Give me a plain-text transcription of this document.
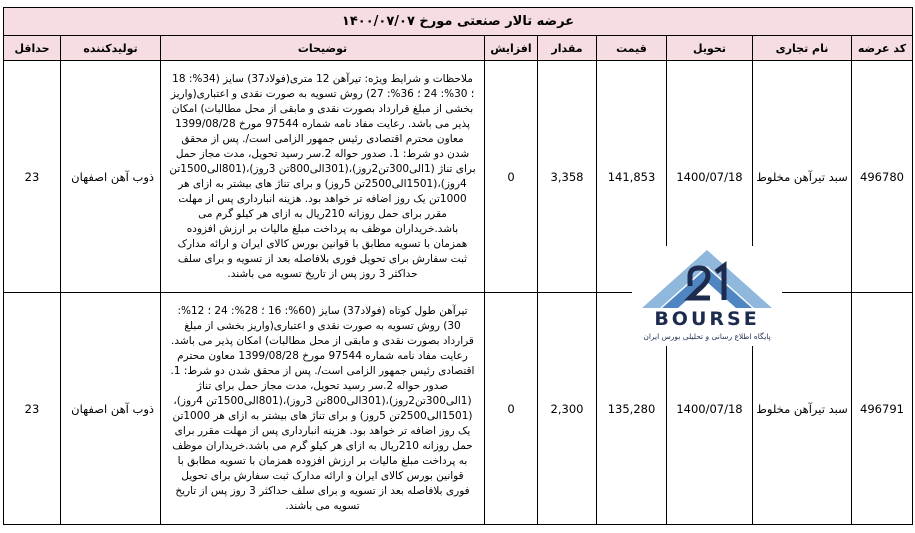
عرضه تالار صنعتی مورخ ۱۴۰۰/۰۷/۰۷								
کد عرضه	نام تجاری	تحویل	قیمت	مقدار	افزایش	توضیحات	تولیدکننده	حداقل
496780	سبد تیرآهن مخلوط	1400/07/18	141,853	3,358	0	ملاحظات و شرایط ویژه: تیرآهن 12 متری(فولاد37) سایز (34%: 18 ؛ 30%: 24 ؛ 36%: 27) روش تسویه به صورت نقدی و اعتباری(واریز بخشی از مبلغ قرارداد بصورت نقدی و مابقی از محل مطالبات) امکان پذیر می باشد. رعایت مفاد نامه شماره 97544 مورخ 1399/08/28 معاون محترم اقتصادی رئیس جمهور الزامی است/. پس از محقق شدن دو شرط: 1. صدور حواله 2.سر رسید تحویل، مدت مجاز حمل برای تناژ (1الی300تن2روز)،(301الی800تن 3روز)،(801الی1500تن 4روز)،(1501الی2500تن 5روز) و برای تناژ های بیشتر به ازای هر 1000تن یک روز اضافه تر خواهد بود. هزینه انبارداری پس از مهلت مقرر برای حمل روزانه 210ریال به ازای هر کیلو گرم می باشد.خریداران موظف به پرداخت مبلغ مالیات بر ارزش افزوده همزمان با تسویه مطابق با قوانین بورس کالای ایران و ارائه مدارک ثبت سفارش برای تحویل فوری بلافاصله بعد از تسویه و برای سلف حداکثر 3 روز پس از تاریخ تسویه می باشند.	ذوب آهن اصفهان	23
496791	سبد تیرآهن مخلوط	1400/07/18	135,280	2,300	0	تیرآهن طول کوتاه (فولاد37) سایز (60%: 16 ؛ 28%: 24 ؛ 12%: 30) روش تسویه به صورت نقدی و اعتباری(واریز بخشی از مبلغ قرارداد بصورت نقدی و مابقی از محل مطالبات) امکان پذیر می باشد. رعایت مفاد نامه شماره 97544 مورخ 1399/08/28 معاون محترم اقتصادی رئیس جمهور الزامی است/. پس از محقق شدن دو شرط: 1. صدور حواله 2.سر رسید تحویل، مدت مجاز حمل برای تناژ (1الی300تن2روز)،(301الی800تن 3روز)،(801الی1500تن 4روز)،(1501الی2500تن 5روز) و برای تناژ های بیشتر به ازای هر 1000تن یک روز اضافه تر خواهد بود. هزینه انبارداری پس از مهلت مقرر برای حمل روزانه 210ریال به ازای هر کیلو گرم می باشد.خریداران موظف به پرداخت مبلغ مالیات بر ارزش افزوده همزمان با تسویه مطابق با قوانین بورس کالای ایران و ارائه مدارک ثبت سفارش برای تحویل فوری بلافاصله بعد از تسویه و برای سلف حداکثر 3 روز پس از تاریخ تسویه می باشند.	ذوب آهن اصفهان	23
BOURSE
پایگاه اطلاع رسانی و تحلیلی بورس ایران
